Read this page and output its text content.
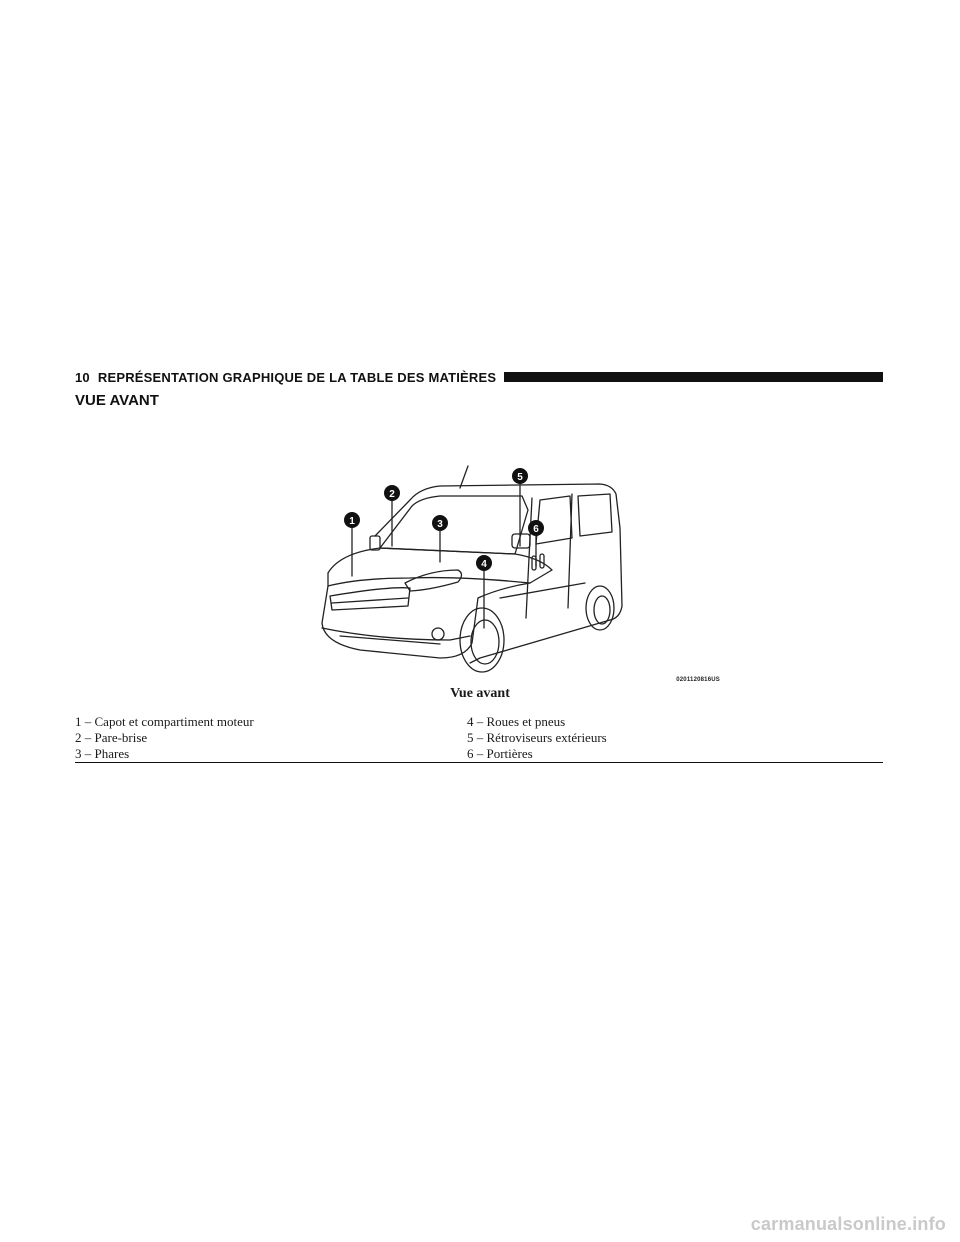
10 REPRÉSENTATION GRAPHIQUE DE LA TABLE DES MATIÈRES
VUE AVANT
1
2
3
4
5
6
0201120816US
Vue avant
1 – Capot et compartiment moteur
2 – Pare-brise
3 – Phares
4 – Roues et pneus
5 – Rétroviseurs extérieurs
6 – Portières
carmanualsonline.info
